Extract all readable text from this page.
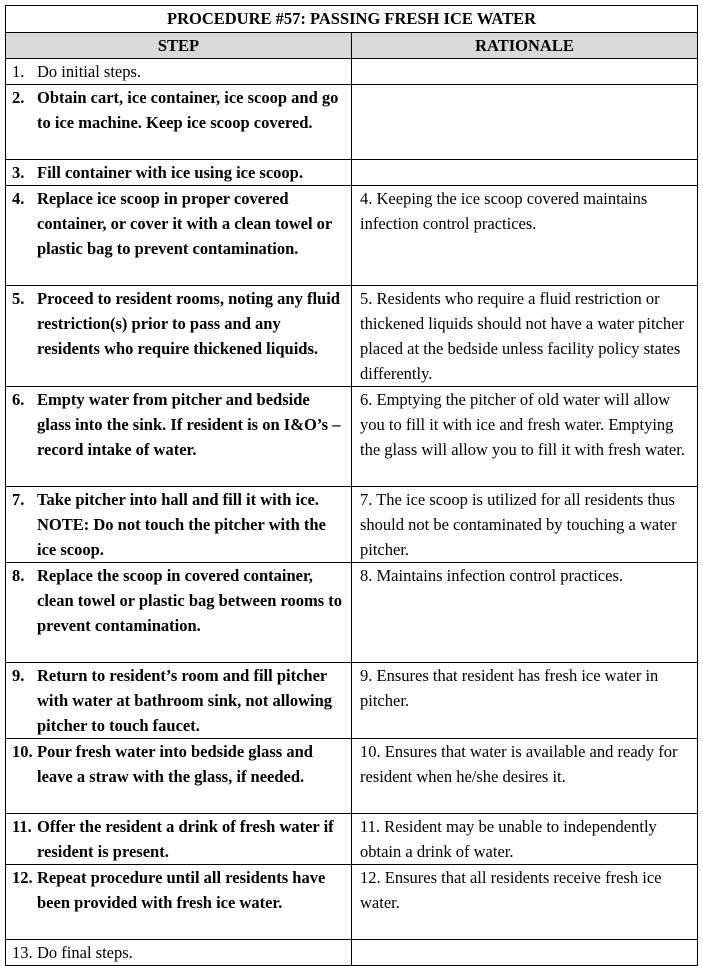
PROCEDURE #57: PASSING FRESH ICE WATER	
STEP	RATIONALE
1. Do initial steps.	
2. Obtain cart, ice container, ice scoop and go to ice machine. Keep ice scoop covered.	
3. Fill container with ice using ice scoop.	
4. Replace ice scoop in proper covered container, or cover it with a clean towel or plastic bag to prevent contamination.	4. Keeping the ice scoop covered maintains infection control practices.
5. Proceed to resident rooms, noting any fluid restriction(s) prior to pass and any residents who require thickened liquids.	5. Residents who require a fluid restriction or thickened liquids should not have a water pitcher placed at the bedside unless facility policy states differently.
6. Empty water from pitcher and bedside glass into the sink. If resident is on I&O’s – record intake of water.	6. Emptying the pitcher of old water will allow you to fill it with ice and fresh water. Emptying the glass will allow you to fill it with fresh water.
7. Take pitcher into hall and fill it with ice. NOTE: Do not touch the pitcher with the ice scoop.	7. The ice scoop is utilized for all residents thus should not be contaminated by touching a water pitcher.
8. Replace the scoop in covered container, clean towel or plastic bag between rooms to prevent contamination.	8. Maintains infection control practices.
9. Return to resident’s room and fill pitcher with water at bathroom sink, not allowing pitcher to touch faucet.	9. Ensures that resident has fresh ice water in pitcher.
10. Pour fresh water into bedside glass and leave a straw with the glass, if needed.	10. Ensures that water is available and ready for resident when he/she desires it.
11. Offer the resident a drink of fresh water if resident is present.	11. Resident may be unable to independently obtain a drink of water.
12. Repeat procedure until all residents have been provided with fresh ice water.	12. Ensures that all residents receive fresh ice water.
13. Do final steps.	
